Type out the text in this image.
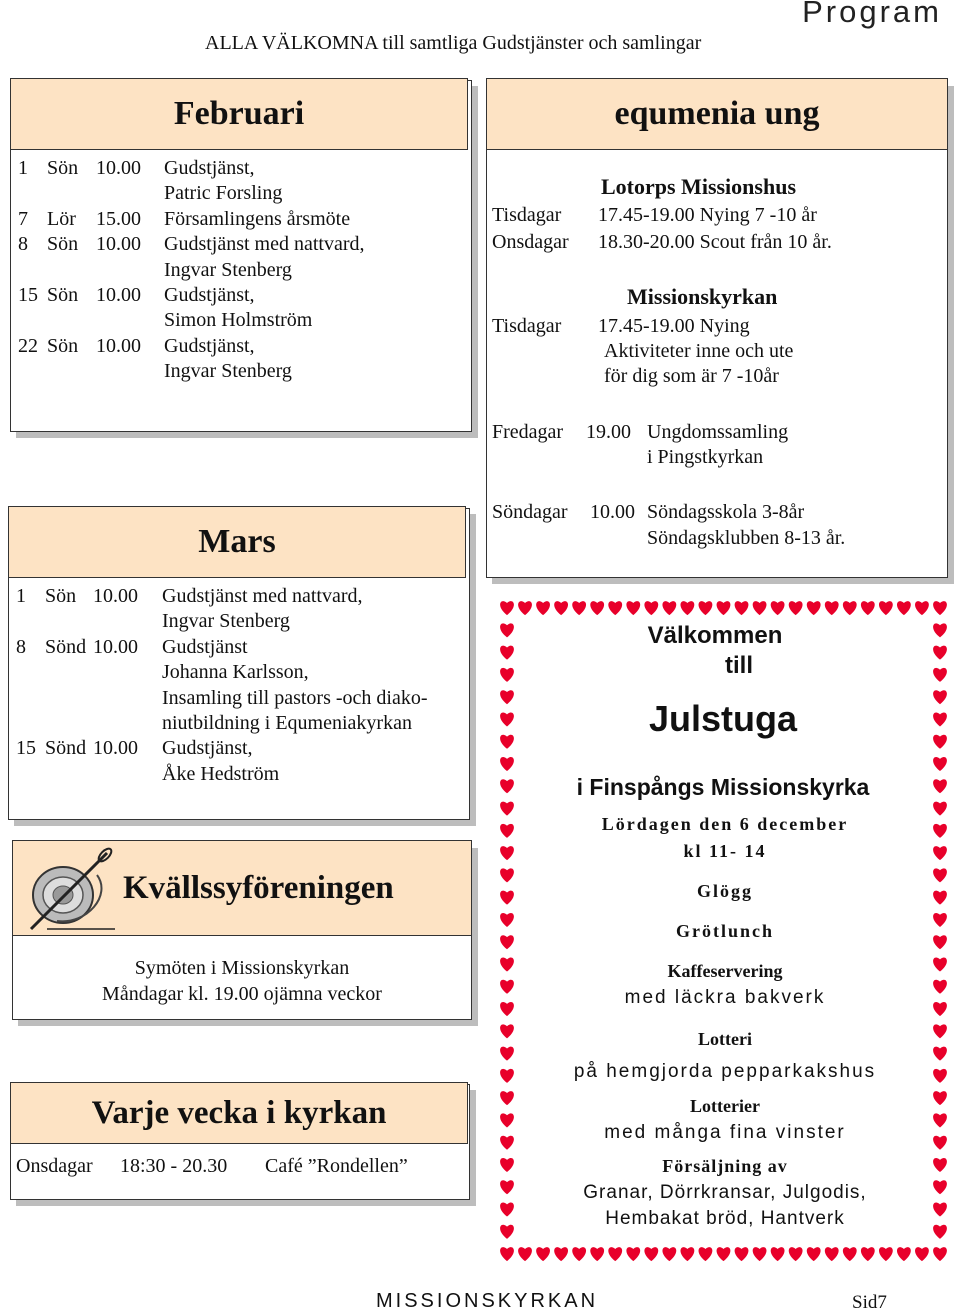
Program
ALLA VÄLKOMNA till samtliga Gudstjänster och samlingar
Februari
1 Sön 10.00 Gudstjänst,
Patric Forsling
7 Lör 15.00 Församlingens årsmöte
8 Sön 10.00 Gudstjänst med nattvard,
Ingvar Stenberg
15 Sön 10.00 Gudstjänst,
Simon Holmström
22 Sön 10.00 Gudstjänst,
Ingvar Stenberg
Mars
1 Sön 10.00 Gudstjänst med nattvard,
Ingvar Stenberg
8 Sönd 10.00 Gudstjänst
Johanna Karlsson,
Insamling till pastors -och diako-
niutbildning i Equmeniakyrkan
15 Sönd 10.00 Gudstjänst,
Åke Hedström
Kvällssyföreningen
Symöten i Missionskyrkan
Måndagar kl. 19.00 ojämna veckor
Varje vecka i kyrkan
Onsdagar 18:30 - 20.30 Café ”Rondellen”
equmenia ung
Lotorps Missionshus
Tisdagar 17.45-19.00 Nying 7 -10 år
Onsdagar 18.30-20.00 Scout från 10 år.
Missionskyrkan
Tisdagar 17.45-19.00 Nying
Aktiviteter inne och ute
för dig som är 7 -10år
Fredagar 19.00 Ungdomssamling
i Pingstkyrkan
Söndagar 10.00 Söndagsskola 3-8år
Söndagsklubben 8-13 år.
Välkommen
till
Julstuga
i Finspångs Missionskyrka
Lördagen den 6 december
kl 11- 14
Glögg
Grötlunch
Kaffeservering
med läckra bakverk
Lotteri
på hemgjorda pepparkakshus
Lotterier
med många fina vinster
Försäljning av
Granar, Dörrkransar, Julgodis,
Hembakat bröd, Hantverk
MISSIONSKYRKAN	Sid7
